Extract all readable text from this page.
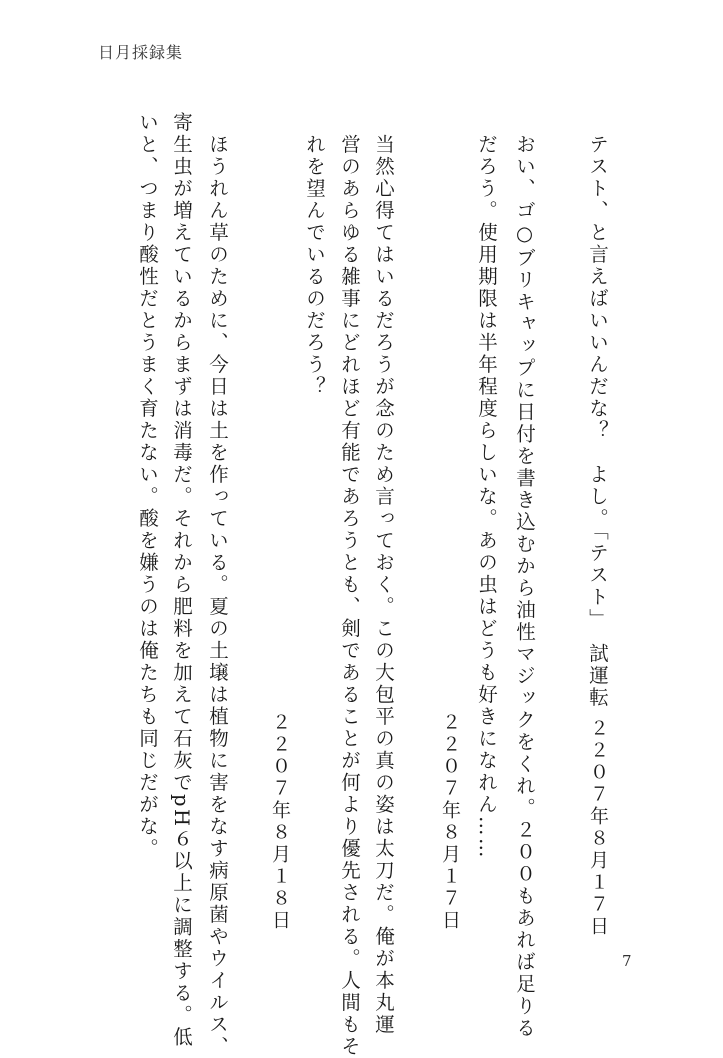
日月採録集
試運転
２２０７年８月１７日
テスト、と言えばいいんだな？　よし。「テスト」
おい、ゴ○ブリキャップに日付を書き込むから油性マジックをくれ。２００もあれば足りる
だろう。使用期限は半年程度らしいな。あの虫はどうも好きになれん……
２２０７年８月１７日
当然心得てはいるだろうが念のため言っておく。この大包平の真の姿は太刀だ。俺が本丸運
営のあらゆる雑事にどれほど有能であろうとも、剣であることが何より優先される。人間もそ
れを望んでいるのだろう？
２２０７年８月１８日
ほうれん草のために、今日は土を作っている。夏の土壌は植物に害をなす病原菌やウイルス、
寄生虫が増えているからまずは消毒だ。それから肥料を加えて石灰でpH６以上に調整する。低
いと、つまり酸性だとうまく育たない。酸を嫌うのは俺たちも同じだがな。
7
